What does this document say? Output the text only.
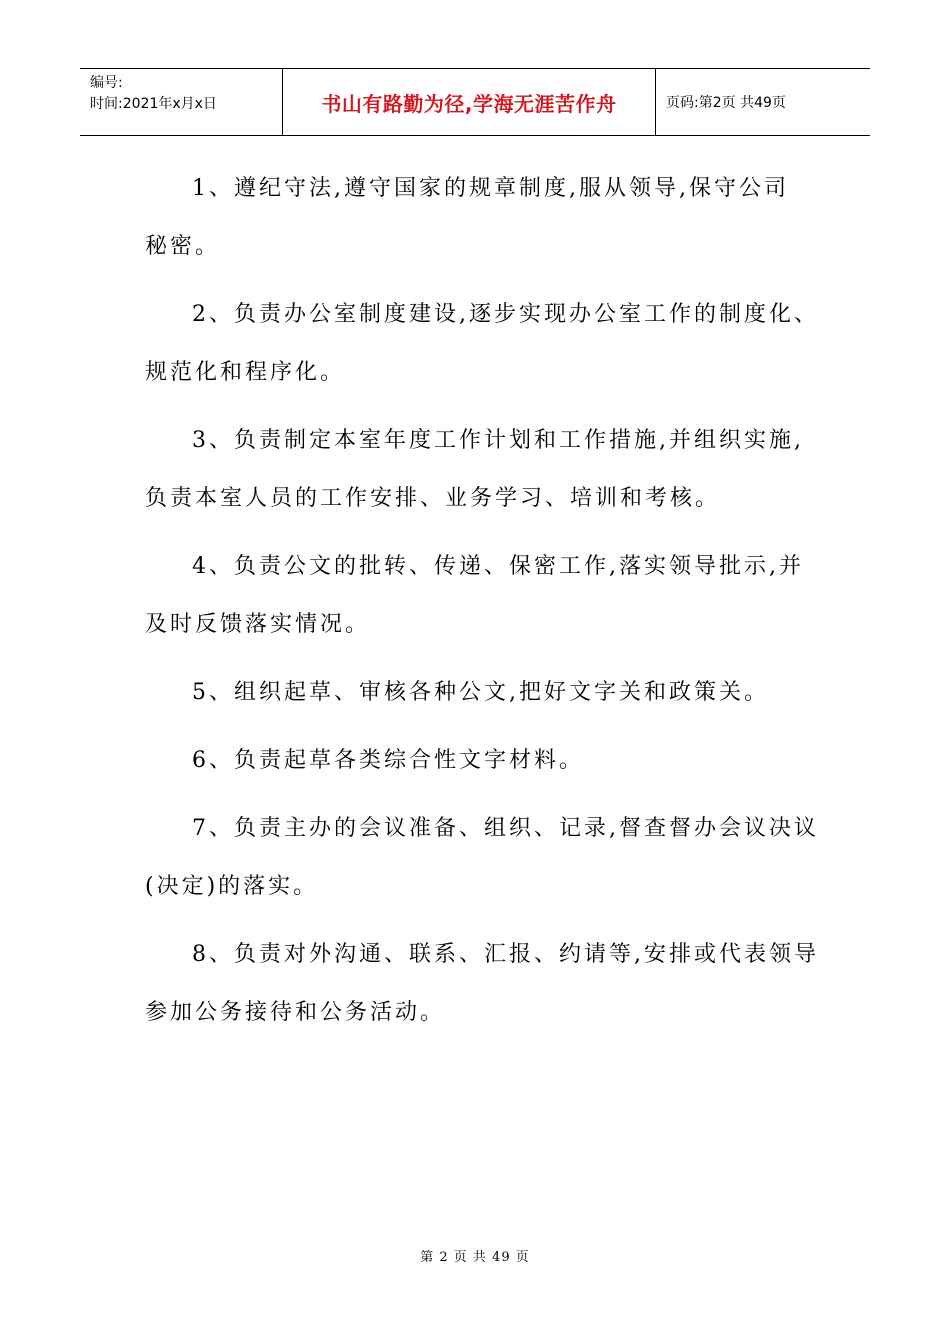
编号:
时间:2021年x月x日	书山有路勤为径,学海无涯苦作舟	页码:第2页 共49页

1、遵纪守法,遵守国家的规章制度,服从领导,保守公司
秘密。

2、负责办公室制度建设,逐步实现办公室工作的制度化、
规范化和程序化。

3、负责制定本室年度工作计划和工作措施,并组织实施,
负责本室人员的工作安排、业务学习、培训和考核。

4、负责公文的批转、传递、保密工作,落实领导批示,并
及时反馈落实情况。

5、组织起草、审核各种公文,把好文字关和政策关。

6、负责起草各类综合性文字材料。

7、负责主办的会议准备、组织、记录,督查督办会议决议
(决定)的落实。

8、负责对外沟通、联系、汇报、约请等,安排或代表领导
参加公务接待和公务活动。

第 2 页 共 49 页
